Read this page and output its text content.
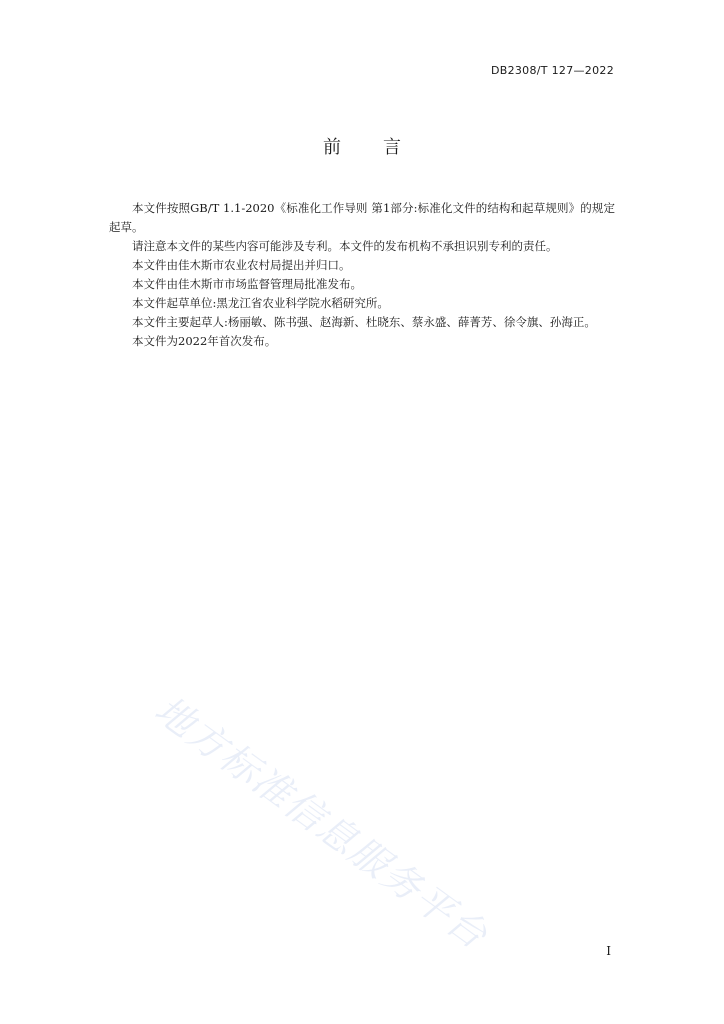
DB2308/T 127—2022
前 言

本文件按照GB/T 1.1-2020《标准化工作导则 第1部分:标准化文件的结构和起草规则》的规定起草。

请注意本文件的某些内容可能涉及专利。本文件的发布机构不承担识别专利的责任。

本文件由佳木斯市农业农村局提出并归口。

本文件由佳木斯市市场监督管理局批准发布。

本文件起草单位:黑龙江省农业科学院水稻研究所。

本文件主要起草人:杨丽敏、陈书强、赵海新、杜晓东、蔡永盛、薛菁芳、徐令旗、孙海正。

本文件为2022年首次发布。

地方标准信息服务平台	I
